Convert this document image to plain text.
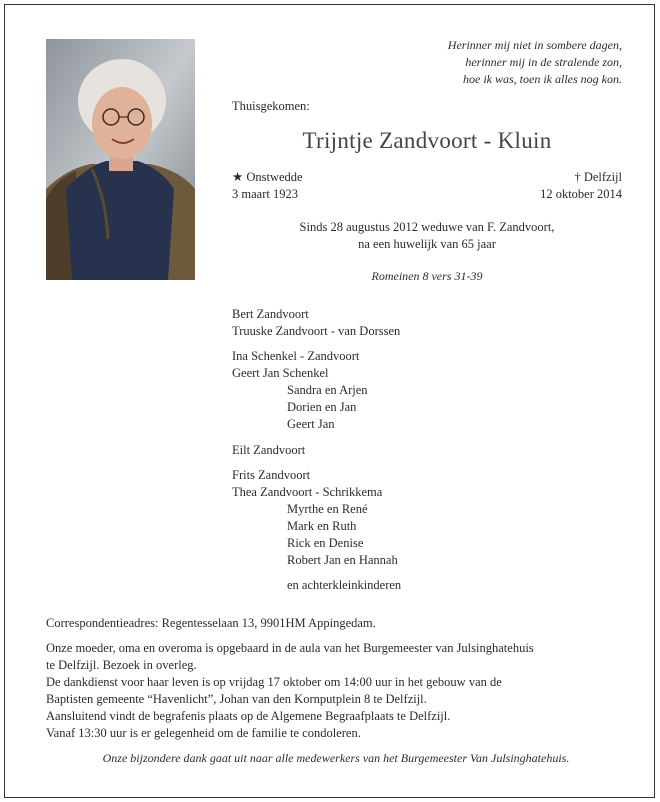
Herinner mij niet in sombere dagen,
herinner mij in de stralende zon,
hoe ik was, toen ik alles nog kon.
Thuisgekomen:
Trijntje Zandvoort - Kluin
★ Onstwedde
3 maart 1923
† Delfzijl
12 oktober 2014
Sinds 28 augustus 2012 weduwe van F. Zandvoort,
na een huwelijk van 65 jaar
Romeinen 8 vers 31-39
Bert Zandvoort
Truuske Zandvoort - van Dorssen
Ina Schenkel - Zandvoort
Geert Jan Schenkel
Sandra en Arjen
Dorien en Jan
Geert Jan
Eilt Zandvoort
Frits Zandvoort
Thea Zandvoort - Schrikkema
Myrthe en René
Mark en Ruth
Rick en Denise
Robert Jan en Hannah
en achterkleinkinderen
Correspondentieadres: Regentesselaan 13, 9901HM Appingedam.
Onze moeder, oma en overoma is opgebaard in de aula van het Burgemeester van Julsinghatehuis
te Delfzijl. Bezoek in overleg.
De dankdienst voor haar leven is op vrijdag 17 oktober om 14:00 uur in het gebouw van de
Baptisten gemeente “Havenlicht”, Johan van den Kornputplein 8 te Delfzijl.
Aansluitend vindt de begrafenis plaats op de Algemene Begraafplaats te Delfzijl.
Vanaf 13:30 uur is er gelegenheid om de familie te condoleren.
Onze bijzondere dank gaat uit naar alle medewerkers van het Burgemeester Van Julsinghatehuis.
